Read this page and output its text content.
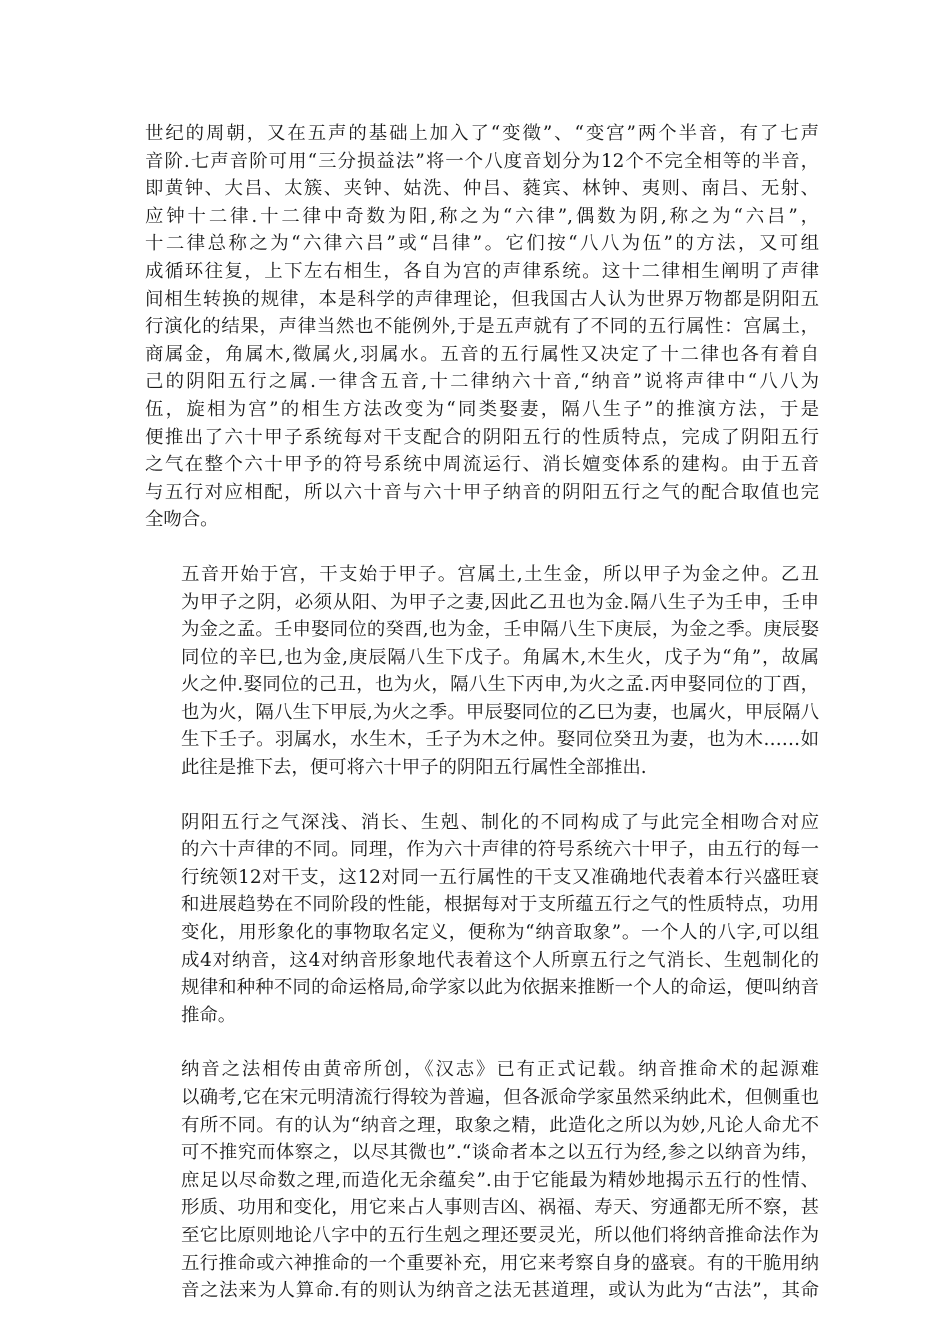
世纪的周朝，又在五声的基础上加入了“变徵”、“变宫”两个半音，有了七声
音阶.七声音阶可用“三分损益法”将一个八度音划分为12个不完全相等的半音，
即黄钟、大吕、太簇、夹钟、姑洗、仲吕、蕤宾、林钟、夷则、南吕、无射、
应钟十二律.十二律中奇数为阳,称之为“六律”,偶数为阴,称之为“六吕”，
十二律总称之为“六律六吕”或“吕律”。它们按“八八为伍”的方法，又可组
成循环往复，上下左右相生，各自为宫的声律系统。这十二律相生阐明了声律
间相生转换的规律，本是科学的声律理论，但我国古人认为世界万物都是阴阳五
行演化的结果，声律当然也不能例外,于是五声就有了不同的五行属性：宫属土，
商属金，角属木,徵属火,羽属水。五音的五行属性又决定了十二律也各有着自
己的阴阳五行之属.一律含五音,十二律纳六十音,“纳音”说将声律中“八八为
伍，旋相为宫”的相生方法改变为“同类娶妻，隔八生子”的推演方法，于是
便推出了六十甲子系统每对干支配合的阴阳五行的性质特点，完成了阴阳五行
之气在整个六十甲予的符号系统中周流运行、消长嬗变体系的建构。由于五音
与五行对应相配，所以六十音与六十甲子纳音的阴阳五行之气的配合取值也完
全吻合。

五音开始于宫，干支始于甲子。宫属土,土生金，所以甲子为金之仲。乙丑
为甲子之阴，必须从阳、为甲子之妻,因此乙丑也为金.隔八生子为壬申，壬申
为金之孟。壬申娶同位的癸酉,也为金，壬申隔八生下庚辰，为金之季。庚辰娶
同位的辛巳,也为金,庚辰隔八生下戊子。角属木,木生火，戊子为“角”，故属
火之仲.娶同位的己丑，也为火，隔八生下丙申,为火之孟.丙申娶同位的丁酉，
也为火，隔八生下甲辰,为火之季。甲辰娶同位的乙巳为妻，也属火，甲辰隔八
生下壬子。羽属水，水生木，壬子为木之仲。娶同位癸丑为妻，也为木……如
此往是推下去，便可将六十甲子的阴阳五行属性全部推出.

阴阳五行之气深浅、消长、生剋、制化的不同构成了与此完全相吻合对应
的六十声律的不同。同理，作为六十声律的符号系统六十甲子，由五行的每一
行统领12对干支，这12对同一五行属性的干支又准确地代表着本行兴盛旺衰
和进展趋势在不同阶段的性能，根据每对于支所蕴五行之气的性质特点，功用
变化，用形象化的事物取名定义，便称为“纳音取象”。一个人的八字,可以组
成4对纳音，这4对纳音形象地代表着这个人所禀五行之气消长、生剋制化的
规律和种种不同的命运格局,命学家以此为依据来推断一个人的命运，便叫纳音
推命。

纳音之法相传由黄帝所创，《汉志》已有正式记载。纳音推命术的起源难
以确考,它在宋元明清流行得较为普遍，但各派命学家虽然采纳此术，但侧重也
有所不同。有的认为“纳音之理，取象之精，此造化之所以为妙,凡论人命尤不
可不推究而体察之，以尽其微也”.“谈命者本之以五行为经,参之以纳音为纬，
庶足以尽命数之理,而造化无余蕴矣”.由于它能最为精妙地揭示五行的性情、
形质、功用和变化，用它来占人事则吉凶、祸福、寿天、穷通都无所不察，甚
至它比原则地论八字中的五行生剋之理还要灵光，所以他们将纳音推命法作为
五行推命或六神推命的一个重要补充，用它来考察自身的盛衰。有的干脆用纳
音之法来为人算命.有的则认为纳音之法无甚道理，或认为此为“古法”，其命
